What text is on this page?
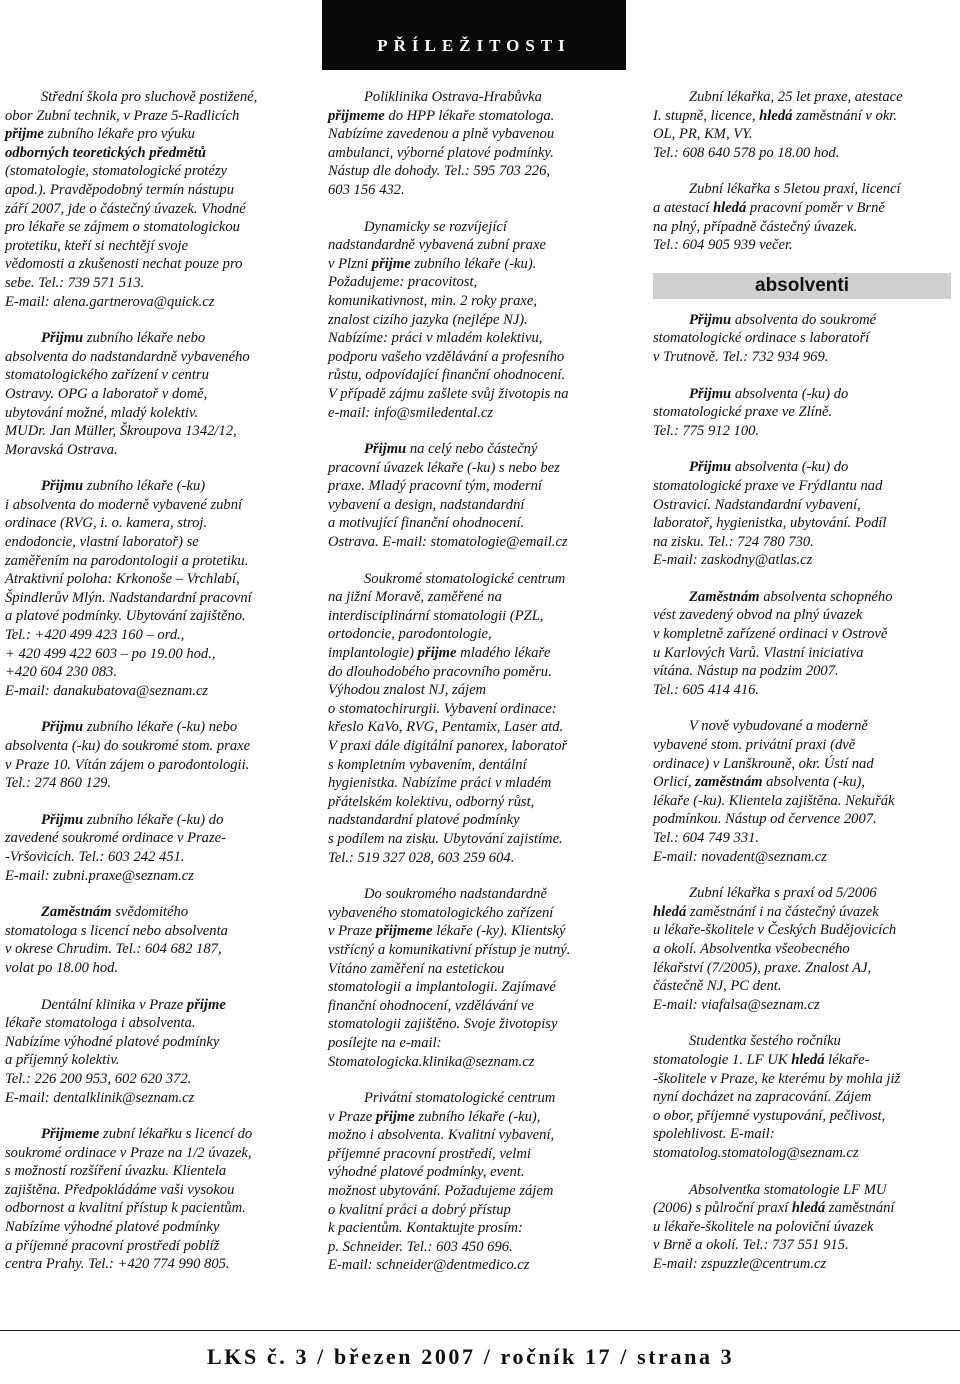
PŘÍLEŽITOSTI

Střední škola pro sluchově postižené,
obor Zubní technik, v Praze 5-Radlicích
přijme zubního lékaře pro výuku
odborných teoretických předmětů
(stomatologie, stomatologické protézy
apod.). Pravděpodobný termín nástupu
září 2007, jde o částečný úvazek. Vhodné
pro lékaře se zájmem o stomatologickou
protetiku, kteří si nechtějí svoje
vědomosti a zkušenosti nechat pouze pro
sebe. Tel.: 739 571 513.
E-mail: alena.gartnerova@quick.cz

Přijmu zubního lékaře nebo
absolventa do nadstandardně vybaveného
stomatologického zařízení v centru
Ostravy. OPG a laboratoř v domě,
ubytování možné, mladý kolektiv.
MUDr. Jan Müller, Škroupova 1342/12,
Moravská Ostrava.

Přijmu zubního lékaře (-ku)
i absolventa do moderně vybavené zubní
ordinace (RVG, i. o. kamera, stroj.
endodoncie, vlastní laboratoř) se
zaměřením na parodontologii a protetiku.
Atraktivní poloha: Krkonoše – Vrchlabí,
Špindlerův Mlýn. Nadstandardní pracovní
a platové podmínky. Ubytování zajištěno.
Tel.: +420 499 423 160 – ord.,
+ 420 499 422 603 – po 19.00 hod.,
+420 604 230 083.
E-mail: danakubatova@seznam.cz

Přijmu zubního lékaře (-ku) nebo
absolventa (-ku) do soukromé stom. praxe
v Praze 10. Vítán zájem o parodontologii.
Tel.: 274 860 129.

Přijmu zubního lékaře (-ku) do
zavedené soukromé ordinace v Praze-
-Vršovicích. Tel.: 603 242 451.
E-mail: zubni.praxe@seznam.cz

Zaměstnám svědomitého
stomatologa s licencí nebo absolventa
v okrese Chrudim. Tel.: 604 682 187,
volat po 18.00 hod.

Dentální klinika v Praze přijme
lékaře stomatologa i absolventa.
Nabízíme výhodné platové podmínky
a příjemný kolektiv.
Tel.: 226 200 953, 602 620 372.
E-mail: dentalklinik@seznam.cz

Přijmeme zubní lékařku s licencí do
soukromé ordinace v Praze na 1/2 úvazek,
s možností rozšíření úvazku. Klientela
zajištěna. Předpokládáme vaši vysokou
odbornost a kvalitní přístup k pacientům.
Nabízíme výhodné platové podmínky
a příjemné pracovní prostředí poblíž
centra Prahy. Tel.: +420 774 990 805.

Poliklinika Ostrava-Hrabůvka
přijmeme do HPP lékaře stomatologa.
Nabízíme zavedenou a plně vybavenou
ambulanci, výborné platové podmínky.
Nástup dle dohody. Tel.: 595 703 226,
603 156 432.

Dynamicky se rozvíjející
nadstandardně vybavená zubní praxe
v Plzni přijme zubního lékaře (-ku).
Požadujeme: pracovitost,
komunikativnost, min. 2 roky praxe,
znalost cizího jazyka (nejlépe NJ).
Nabízíme: práci v mladém kolektivu,
podporu vašeho vzdělávání a profesního
růstu, odpovídající finanční ohodnocení.
V případě zájmu zašlete svůj životopis na
e-mail: info@smiledental.cz

Přijmu na celý nebo částečný
pracovní úvazek lékaře (-ku) s nebo bez
praxe. Mladý pracovní tým, moderní
vybavení a design, nadstandardní
a motivující finanční ohodnocení.
Ostrava. E-mail: stomatologie@email.cz

Soukromé stomatologické centrum
na jižní Moravě, zaměřené na
interdisciplinární stomatologii (PZL,
ortodoncie, parodontologie,
implantologie) přijme mladého lékaře
do dlouhodobého pracovního poměru.
Výhodou znalost NJ, zájem
o stomatochirurgii. Vybavení ordinace:
křeslo KaVo, RVG, Pentamix, Laser atd.
V praxi dále digitální panorex, laboratoř
s kompletním vybavením, dentální
hygienistka. Nabízíme práci v mladém
přátelském kolektivu, odborný růst,
nadstandardní platové podmínky
s podílem na zisku. Ubytování zajistíme.
Tel.: 519 327 028, 603 259 604.

Do soukromého nadstandardně
vybaveného stomatologického zařízení
v Praze přijmeme lékaře (-ky). Klientský
vstřícný a komunikativní přístup je nutný.
Vítáno zaměření na estetickou
stomatologii a implantologii. Zajímavé
finanční ohodnocení, vzdělávání ve
stomatologii zajištěno. Svoje životopisy
posílejte na e-mail:
Stomatologicka.klinika@seznam.cz

Privátní stomatologické centrum
v Praze přijme zubního lékaře (-ku),
možno i absolventa. Kvalitní vybavení,
příjemné pracovní prostředí, velmi
výhodné platové podmínky, event.
možnost ubytování. Požadujeme zájem
o kvalitní práci a dobrý přístup
k pacientům. Kontaktujte prosím:
p. Schneider. Tel.: 603 450 696.
E-mail: schneider@dentmedico.cz

Zubní lékařka, 25 let praxe, atestace
I. stupně, licence, hledá zaměstnání v okr.
OL, PR, KM, VY.
Tel.: 608 640 578 po 18.00 hod.

Zubní lékařka s 5letou praxí, licencí
a atestací hledá pracovní poměr v Brně
na plný, případně částečný úvazek.
Tel.: 604 905 939 večer.

absolventi

Přijmu absolventa do soukromé
stomatologické ordinace s laboratoří
v Trutnově. Tel.: 732 934 969.

Přijmu absolventa (-ku) do
stomatologické praxe ve Zlíně.
Tel.: 775 912 100.

Přijmu absolventa (-ku) do
stomatologické praxe ve Frýdlantu nad
Ostravicí. Nadstandardní vybavení,
laboratoř, hygienistka, ubytování. Podíl
na zisku. Tel.: 724 780 730.
E-mail: zaskodny@atlas.cz

Zaměstnám absolventa schopného
vést zavedený obvod na plný úvazek
v kompletně zařízené ordinaci v Ostrově
u Karlových Varů. Vlastní iniciativa
vítána. Nástup na podzim 2007.
Tel.: 605 414 416.

V nově vybudované a moderně
vybavené stom. privátní praxi (dvě
ordinace) v Lanškrouně, okr. Ústí nad
Orlicí, zaměstnám absolventa (-ku),
lékaře (-ku). Klientela zajištěna. Nekuřák
podmínkou. Nástup od července 2007.
Tel.: 604 749 331.
E-mail: novadent@seznam.cz

Zubní lékařka s praxí od 5/2006
hledá zaměstnání i na částečný úvazek
u lékaře-školitele v Českých Budějovicích
a okolí. Absolventka všeobecného
lékařství (7/2005), praxe. Znalost AJ,
částečně NJ, PC dent.
E-mail: viafalsa@seznam.cz

Studentka šestého ročníku
stomatologie 1. LF UK hledá lékaře-
-školitele v Praze, ke kterému by mohla již
nyní docházet na zapracování. Zájem
o obor, příjemné vystupování, pečlivost,
spolehlivost. E-mail:
stomatolog.stomatolog@seznam.cz

Absolventka stomatologie LF MU
(2006) s půlroční praxí hledá zaměstnání
u lékaře-školitele na poloviční úvazek
v Brně a okolí. Tel.: 737 551 915.
E-mail: zspuzzle@centrum.cz

LKS č. 3 / březen 2007 / ročník 17 / strana 3
